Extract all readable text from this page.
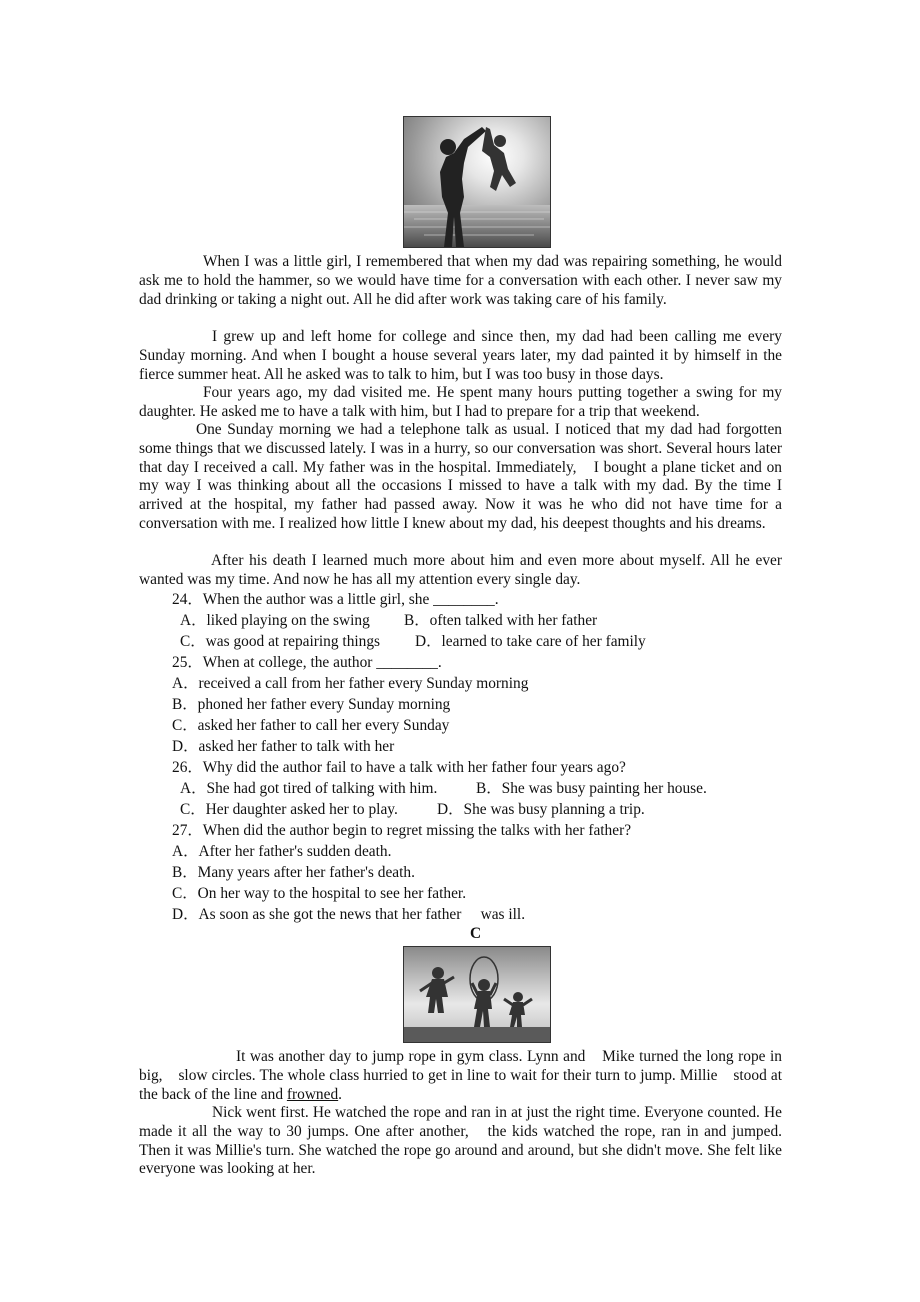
When I was a little girl, I remembered that when my dad was repairing something, he would ask me to hold the hammer, so we would have time for a conversation with each other. I never saw my dad drinking or taking a night out. All he did after work was taking care of his family.

I grew up and left home for college and since then, my dad had been calling me every Sunday morning. And when I bought a house several years later, my dad painted it by himself in the fierce summer heat. All he asked was to talk to him, but I was too busy in those days.

Four years ago, my dad visited me. He spent many hours putting together a swing for my daughter. He asked me to have a talk with him, but I had to prepare for a trip that weekend.

One Sunday morning we had a telephone talk as usual. I noticed that my dad had forgotten some things that we discussed lately. I was in a hurry, so our conversation was short. Several hours later that day I received a call. My father was in the hospital. Immediately,　I bought a plane ticket and on my way I was thinking about all the occasions I missed to have a talk with my dad. By the time I arrived at the hospital, my father had passed away. Now it was he who did not have time for a conversation with me. I realized how little I knew about my dad, his deepest thoughts and his dreams.

After his death I learned much more about him and even more about myself. All he ever wanted was my time. And now he has all my attention every single day.

24．When the author was a little girl, she ________.

A．liked playing on the swing B．often talked with her father

C．was good at repairing things D．learned to take care of her family

25．When at college, the author ________.

A．received a call from her father every Sunday morning

B．phoned her father every Sunday morning

C．asked her father to call her every Sunday

D．asked her father to talk with her

26．Why did the author fail to have a talk with her father four years ago?

A．She had got tired of talking with him.	B．She was busy painting her house.

C．Her daughter asked her to play.	D．She was busy planning a trip.

27．When did the author begin to regret missing the talks with her father?

A．After her father's sudden death.

B．Many years after her father's death.

C．On her way to the hospital to see her father.

D．As soon as she got the news that her father　 was ill.

C

It was another day to jump rope in gym class. Lynn and　Mike turned the long rope in big,　slow circles. The whole class hurried to get in line to wait for their turn to jump. Millie　stood at the back of the line and frowned.

Nick went first. He watched the rope and ran in at just the right time. Everyone counted. He made it all the way to 30 jumps. One after another,　the kids watched the rope, ran in and jumped. Then it was Millie's turn. She watched the rope go around and around, but she didn't move. She felt like everyone was looking at her.
